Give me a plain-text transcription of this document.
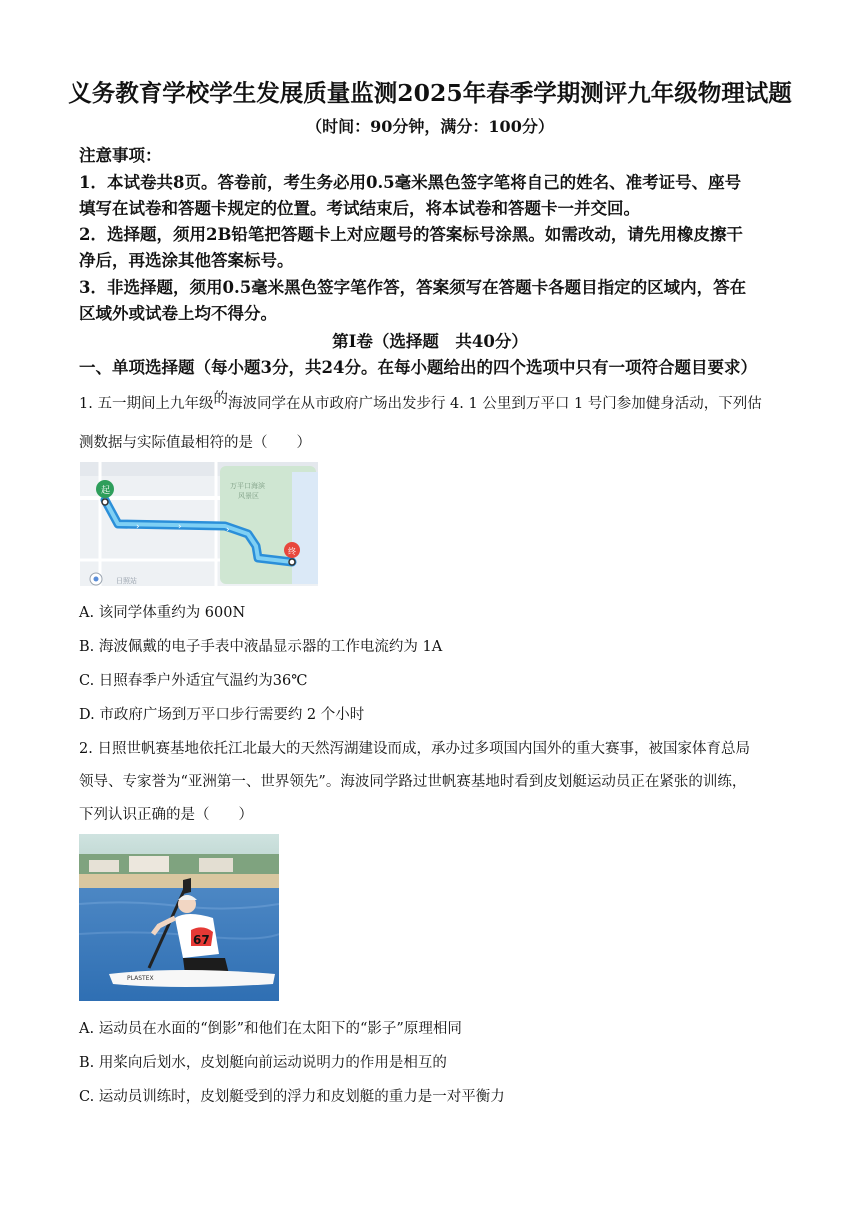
义务教育学校学生发展质量监测2025年春季学期测评九年级物理试题
（时间：90分钟，满分：100分）
注意事项：
1．本试卷共8页。答卷前，考生务必用0.5毫米黑色签字笔将自己的姓名、准考证号、座号
填写在试卷和答题卡规定的位置。考试结束后，将本试卷和答题卡一并交回。
2．选择题，须用2B铅笔把答题卡上对应题号的答案标号涂黑。如需改动，请先用橡皮擦干
净后，再选涂其他答案标号。
3．非选择题，须用0.5毫米黑色签字笔作答，答案须写在答题卡各题目指定的区域内，答在
区域外或试卷上均不得分。
第Ⅰ卷（选择题　共40分）
一、单项选择题（每小题3分，共24分。在每小题给出的四个选项中只有一项符合题目要求）
1. 五一期间上九年级的海波同学在从市政府广场出发步行 4. 1 公里到万平口 1 号门参加健身活动，下列估
测数据与实际值最相符的是（　　）
万平口海滨
风景区
›	›	›
起
终
日照站
A. 该同学体重约为 600N
B. 海波佩戴的电子手表中液晶显示器的工作电流约为 1A
C. 日照春季户外适宜气温约为36℃
D. 市政府广场到万平口步行需要约 2 个小时
2. 日照世帆赛基地依托江北最大的天然泻湖建设而成，承办过多项国内国外的重大赛事，被国家体育总局
领导、专家誉为“亚洲第一、世界领先”。海波同学路过世帆赛基地时看到皮划艇运动员正在紧张的训练，
下列认识正确的是（　　）
67
PLASTEX
A. 运动员在水面的“倒影”和他们在太阳下的“影子”原理相同
B. 用桨向后划水，皮划艇向前运动说明力的作用是相互的
C. 运动员训练时，皮划艇受到的浮力和皮划艇的重力是一对平衡力
